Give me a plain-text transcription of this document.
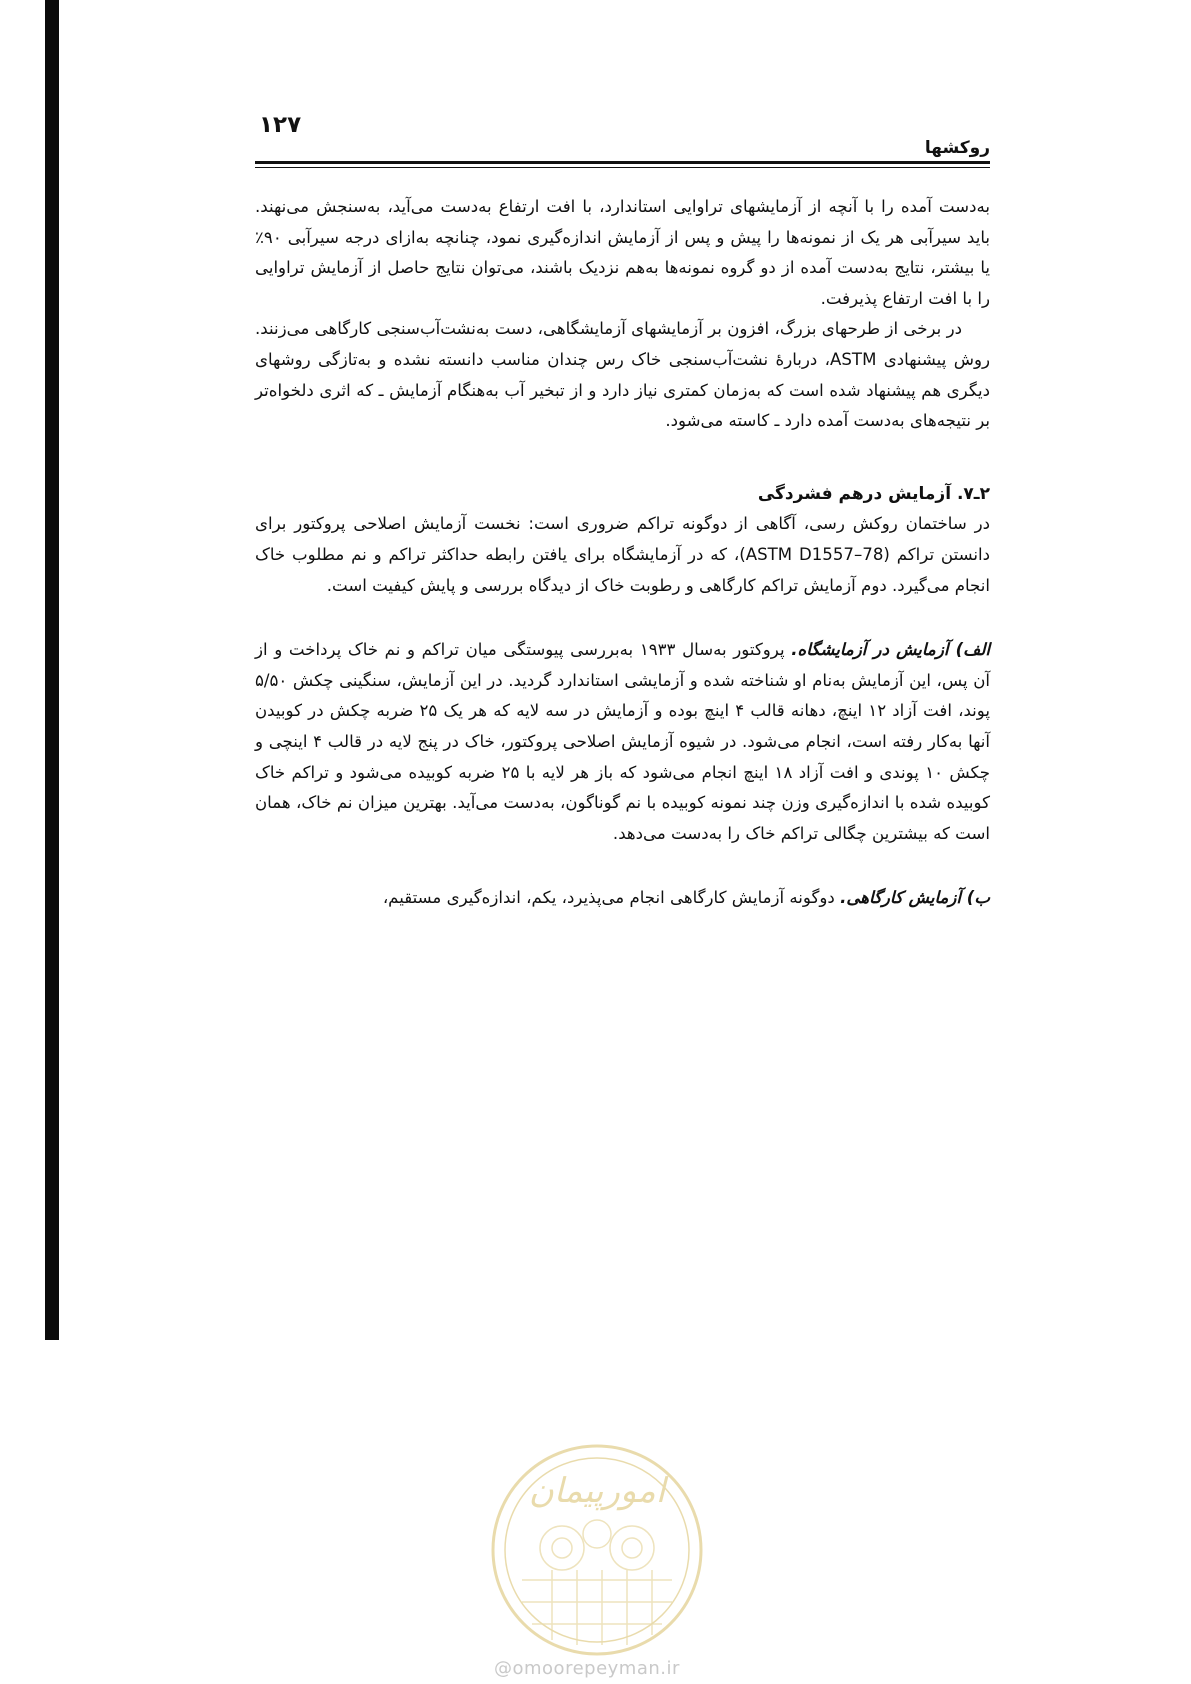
۱۲۷
روکشها

به‌دست آمده را با آنچه از آزمایشهای تراوایی استاندارد، با افت ارتفاع به‌دست می‌آید، به‌سنجش می‌نهند. باید سیرآبی هر یک از نمونه‌ها را پیش و پس از آزمایش اندازه‌گیری نمود، چنانچه به‌ازای درجه سیرآبی ۹۰٪ یا بیشتر، نتایج به‌دست آمده از دو گروه نمونه‌ها به‌هم نزدیک باشند، می‌توان نتایج حاصل از آزمایش تراوایی را با افت ارتفاع پذیرفت.

در برخی از طرحهای بزرگ، افزون بر آزمایشهای آزمایشگاهی، دست به‌نشت‌آب‌سنجی کارگاهی می‌زنند. روش پیشنهادی ASTM، دربارهٔ نشت‌آب‌سنجی خاک رس چندان مناسب دانسته نشده و به‌تازگی روشهای دیگری هم پیشنهاد شده است که به‌زمان کمتری نیاز دارد و از تبخیر آب به‌هنگام آزمایش ـ که اثری دلخواه‌تر بر نتیجه‌های به‌دست آمده دارد ـ کاسته می‌شود.

۲ـ۷. آزمایش درهم فشردگی

در ساختمان روکش رسی، آگاهی از دوگونه تراکم ضروری است: نخست آزمایش اصلاحی پروکتور برای دانستن تراکم (ASTM D1557–78)، که در آزمایشگاه برای یافتن رابطه حداکثر تراکم و نم مطلوب خاک انجام می‌گیرد. دوم آزمایش تراکم کارگاهی و رطوبت خاک از دیدگاه بررسی و پایش کیفیت است.

الف) آزمایش در آزمایشگاه. پروکتور به‌سال ۱۹۳۳ به‌بررسی پیوستگی میان تراکم و نم خاک پرداخت و از آن پس، این آزمایش به‌نام او شناخته شده و آزمایشی استاندارد گردید. در این آزمایش، سنگینی چکش ۵/۵۰ پوند، افت آزاد ۱۲ اینچ، دهانه قالب ۴ اینچ بوده و آزمایش در سه لایه که هر یک ۲۵ ضربه چکش در کوبیدن آنها به‌کار رفته است، انجام می‌شود. در شیوه آزمایش اصلاحی پروکتور، خاک در پنج لایه در قالب ۴ اینچی و چکش ۱۰ پوندی و افت آزاد ۱۸ اینچ انجام می‌شود که باز هر لایه با ۲۵ ضربه کوبیده می‌شود و تراکم خاک کوبیده شده با اندازه‌گیری وزن چند نمونه کوبیده با نم گوناگون، به‌دست می‌آید. بهترین میزان نم خاک، همان است که بیشترین چگالی تراکم خاک را به‌دست می‌دهد.

ب) آزمایش کارگاهی. دوگونه آزمایش کارگاهی انجام می‌پذیرد، یکم، اندازه‌گیری مستقیم،

امورپیمان
@omoorepeyman.ir
